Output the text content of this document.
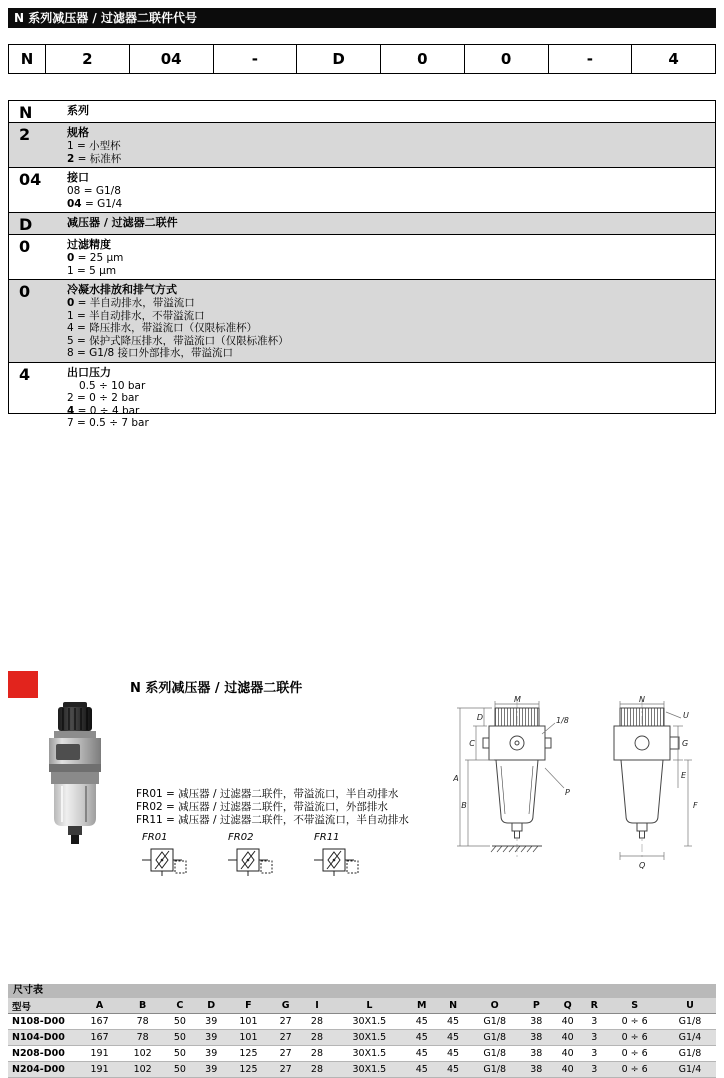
N 系列减压器 / 过滤器二联件代号
N	2	04	-	D	0	0	-	4
N	系列
2	规格
1 = 小型杯
2 = 标准杯
04	接口
08 = G1/8
04 = G1/4
D	减压器 / 过滤器二联件
0	过滤精度
0 = 25 μm
1 = 5 μm
0	冷凝水排放和排气方式
0 = 半自动排水，带溢流口
1 = 半自动排水，不带溢流口
4 = 降压排水，带溢流口（仅限标准杯）
5 = 保护式降压排水，带溢流口（仅限标准杯）
8 = G1/8 接口外部排水，带溢流口
4	出口压力
0.5 ÷ 10 bar
2 = 0 ÷ 2 bar
4 = 0 ÷ 4 bar
7 = 0.5 ÷ 7 bar
N 系列减压器 / 过滤器二联件
FR01 = 减压器 / 过滤器二联件，带溢流口，半自动排水
FR02 = 减压器 / 过滤器二联件，带溢流口，外部排水
FR11 = 减压器 / 过滤器二联件，不带溢流口，半自动排水
FR01	FR02	FR11
M
1/8
A
B
C
D
P
N
U
G
E
F
Q
尺寸表
型号	A	B	C	D	F	G	I	L	M	N	O	P	Q	R	S	U
N108-D00	167	78	50	39	101	27	28	30X1.5	45	45	G1/8	38	40	3	0 ÷ 6	G1/8
N104-D00	167	78	50	39	101	27	28	30X1.5	45	45	G1/8	38	40	3	0 ÷ 6	G1/4
N208-D00	191	102	50	39	125	27	28	30X1.5	45	45	G1/8	38	40	3	0 ÷ 6	G1/8
N204-D00	191	102	50	39	125	27	28	30X1.5	45	45	G1/8	38	40	3	0 ÷ 6	G1/4
